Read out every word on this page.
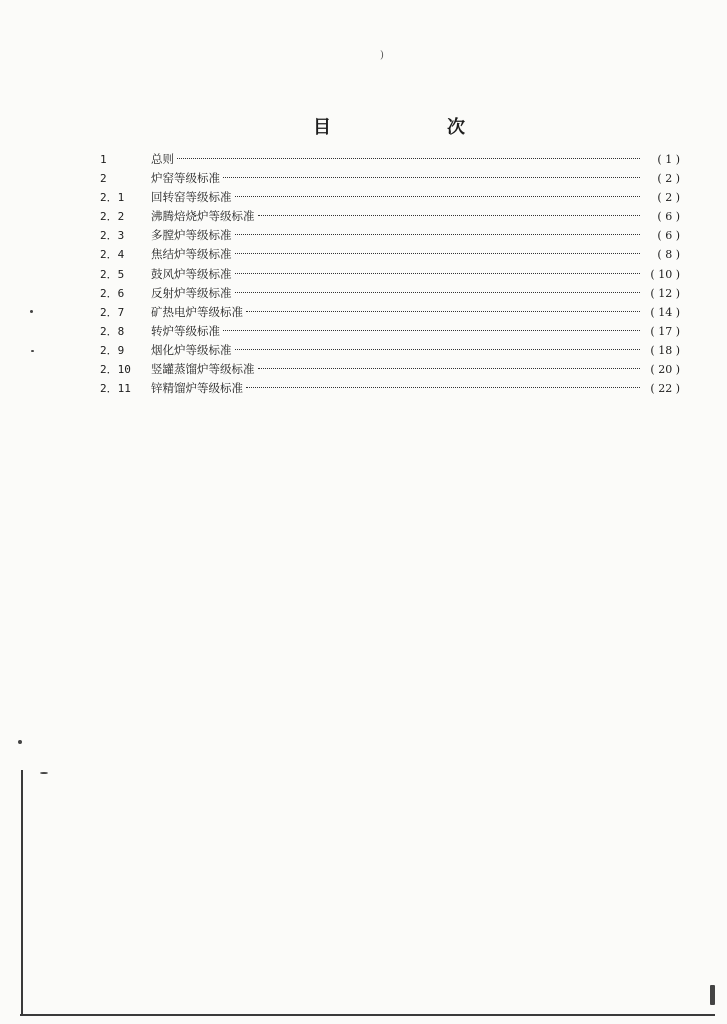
)
目	次
1	总则	( 1 )
2	炉窑等级标准	( 2 )
2．1	回转窑等级标准	( 2 )
2．2	沸腾焙烧炉等级标准	( 6 )
2．3	多膛炉等级标准	( 6 )
2．4	焦结炉等级标准	( 8 )
2．5	鼓风炉等级标准	( 10 )
2．6	反射炉等级标准	( 12 )
2．7	矿热电炉等级标准	( 14 )
2．8	转炉等级标准	( 17 )
2．9	烟化炉等级标准	( 18 )
2．10	竖罐蒸馏炉等级标准	( 20 )
2．11	锌精馏炉等级标准	( 22 )
